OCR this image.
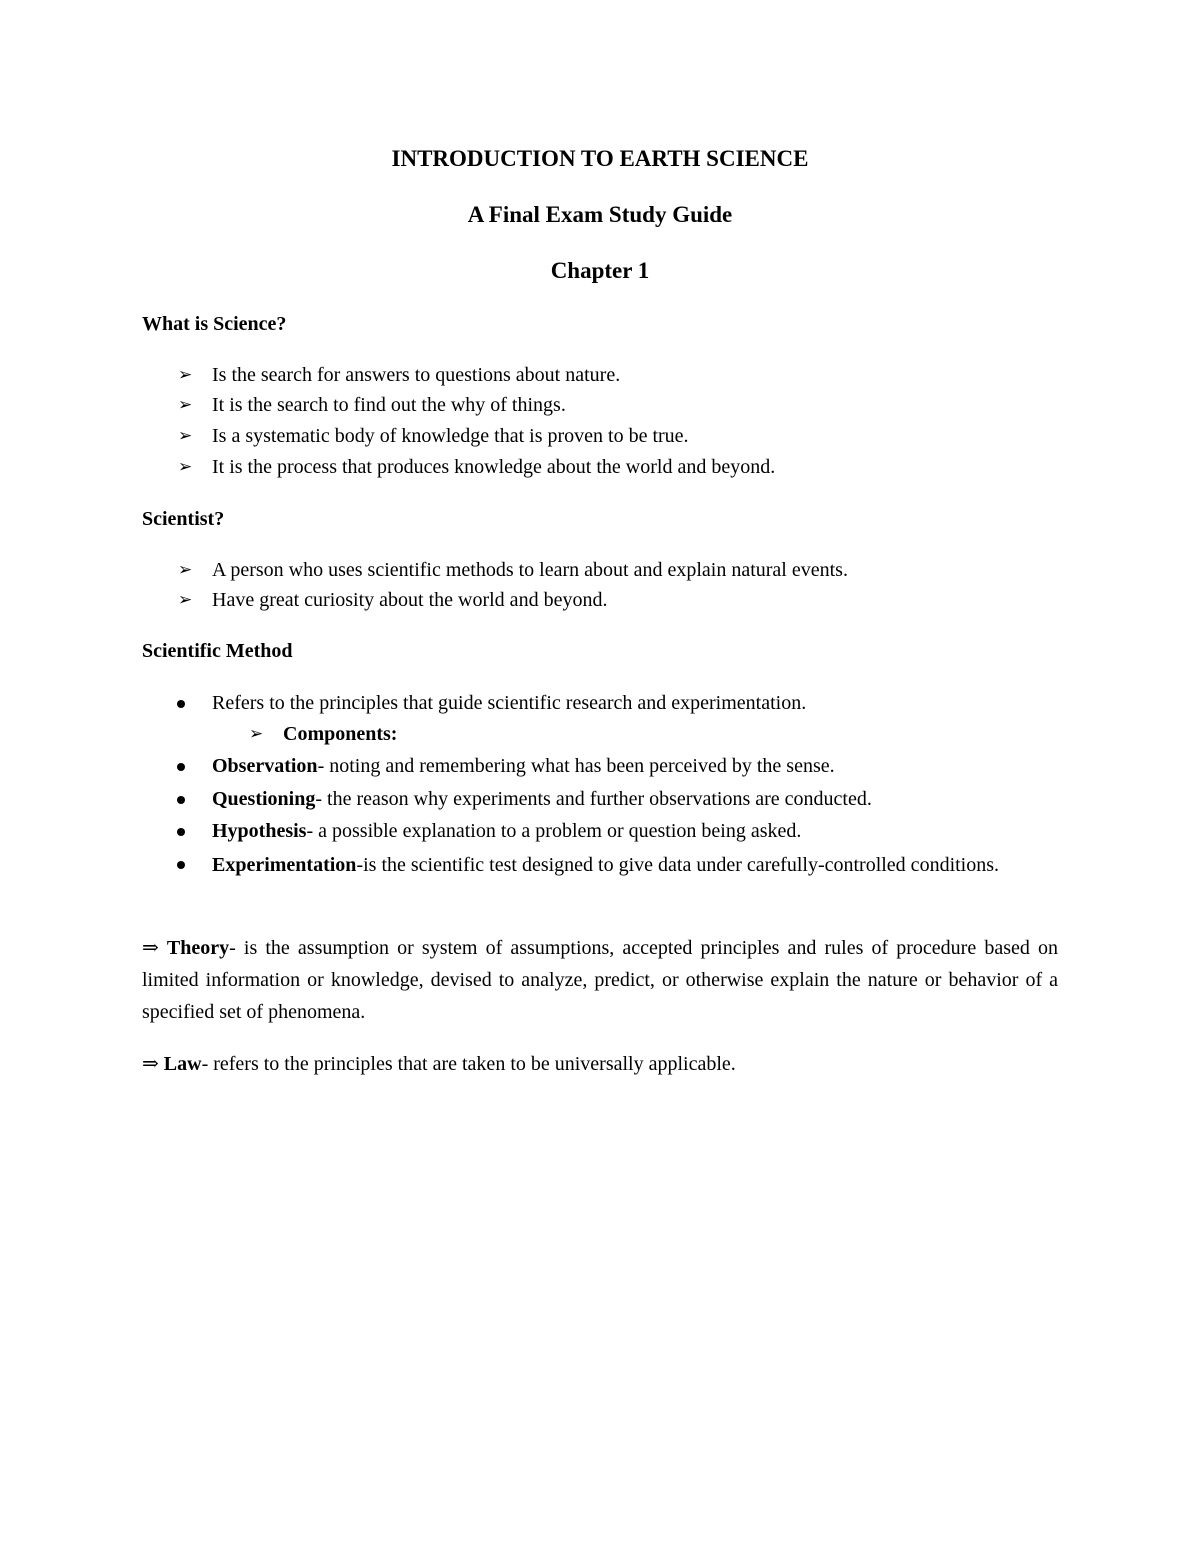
INTRODUCTION TO EARTH SCIENCE
A Final Exam Study Guide
Chapter 1
What is Science?
➢ Is the search for answers to questions about nature.
➢ It is the search to find out the why of things.
➢ Is a systematic body of knowledge that is proven to be true.
➢ It is the process that produces knowledge about the world and beyond.
Scientist?
➢ A person who uses scientific methods to learn about and explain natural events.
➢ Have great curiosity about the world and beyond.
Scientific Method
Refers to the principles that guide scientific research and experimentation.
➢ Components:
Observation- noting and remembering what has been perceived by the sense.
Questioning- the reason why experiments and further observations are conducted.
Hypothesis- a possible explanation to a problem or question being asked.
Experimentation-is the scientific test designed to give data under carefully-controlled conditions.
⇒ Theory- is the assumption or system of assumptions, accepted principles and rules of procedure based on limited information or knowledge, devised to analyze, predict, or otherwise explain the nature or behavior of a specified set of phenomena.
⇒ Law- refers to the principles that are taken to be universally applicable.
